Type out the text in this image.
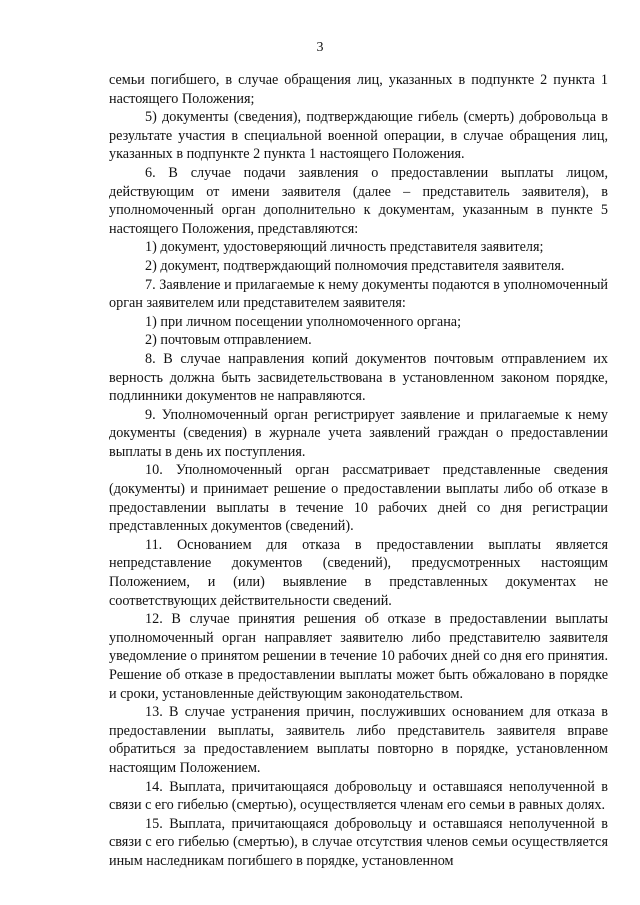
3

семьи погибшего, в случае обращения лиц, указанных в подпункте 2 пункта 1 настоящего Положения;

5) документы (сведения), подтверждающие гибель (смерть) добровольца в результате участия в специальной военной операции, в случае обращения лиц, указанных в подпункте 2 пункта 1 настоящего Положения.

6. В случае подачи заявления о предоставлении выплаты лицом, действующим от имени заявителя (далее – представитель заявителя), в уполномоченный орган дополнительно к документам, указанным в пункте 5 настоящего Положения, представляются:

1) документ, удостоверяющий личность представителя заявителя;

2) документ, подтверждающий полномочия представителя заявителя.

7. Заявление и прилагаемые к нему документы подаются в уполномоченный орган заявителем или представителем заявителя:

1) при личном посещении уполномоченного органа;

2) почтовым отправлением.

8. В случае направления копий документов почтовым отправлением их верность должна быть засвидетельствована в установленном законом порядке, подлинники документов не направляются.

9. Уполномоченный орган регистрирует заявление и прилагаемые к нему документы (сведения) в журнале учета заявлений граждан о предоставлении выплаты в день их поступления.

10. Уполномоченный орган рассматривает представленные сведения (документы) и принимает решение о предоставлении выплаты либо об отказе в предоставлении выплаты в течение 10 рабочих дней со дня регистрации представленных документов (сведений).

11. Основанием для отказа в предоставлении выплаты является непредставление документов (сведений), предусмотренных настоящим Положением, и (или) выявление в представленных документах не соответствующих действительности сведений.

12. В случае принятия решения об отказе в предоставлении выплаты уполномоченный орган направляет заявителю либо представителю заявителя уведомление о принятом решении в течение 10 рабочих дней со дня его принятия. Решение об отказе в предоставлении выплаты может быть обжаловано в порядке и сроки, установленные действующим законодательством.

13. В случае устранения причин, послуживших основанием для отказа в предоставлении выплаты, заявитель либо представитель заявителя вправе обратиться за предоставлением выплаты повторно в порядке, установленном настоящим Положением.

14. Выплата, причитающаяся добровольцу и оставшаяся неполученной в связи с его гибелью (смертью), осуществляется членам его семьи в равных долях.

15. Выплата, причитающаяся добровольцу и оставшаяся неполученной в связи с его гибелью (смертью), в случае отсутствия членов семьи осуществляется иным наследникам погибшего в порядке, установленном
